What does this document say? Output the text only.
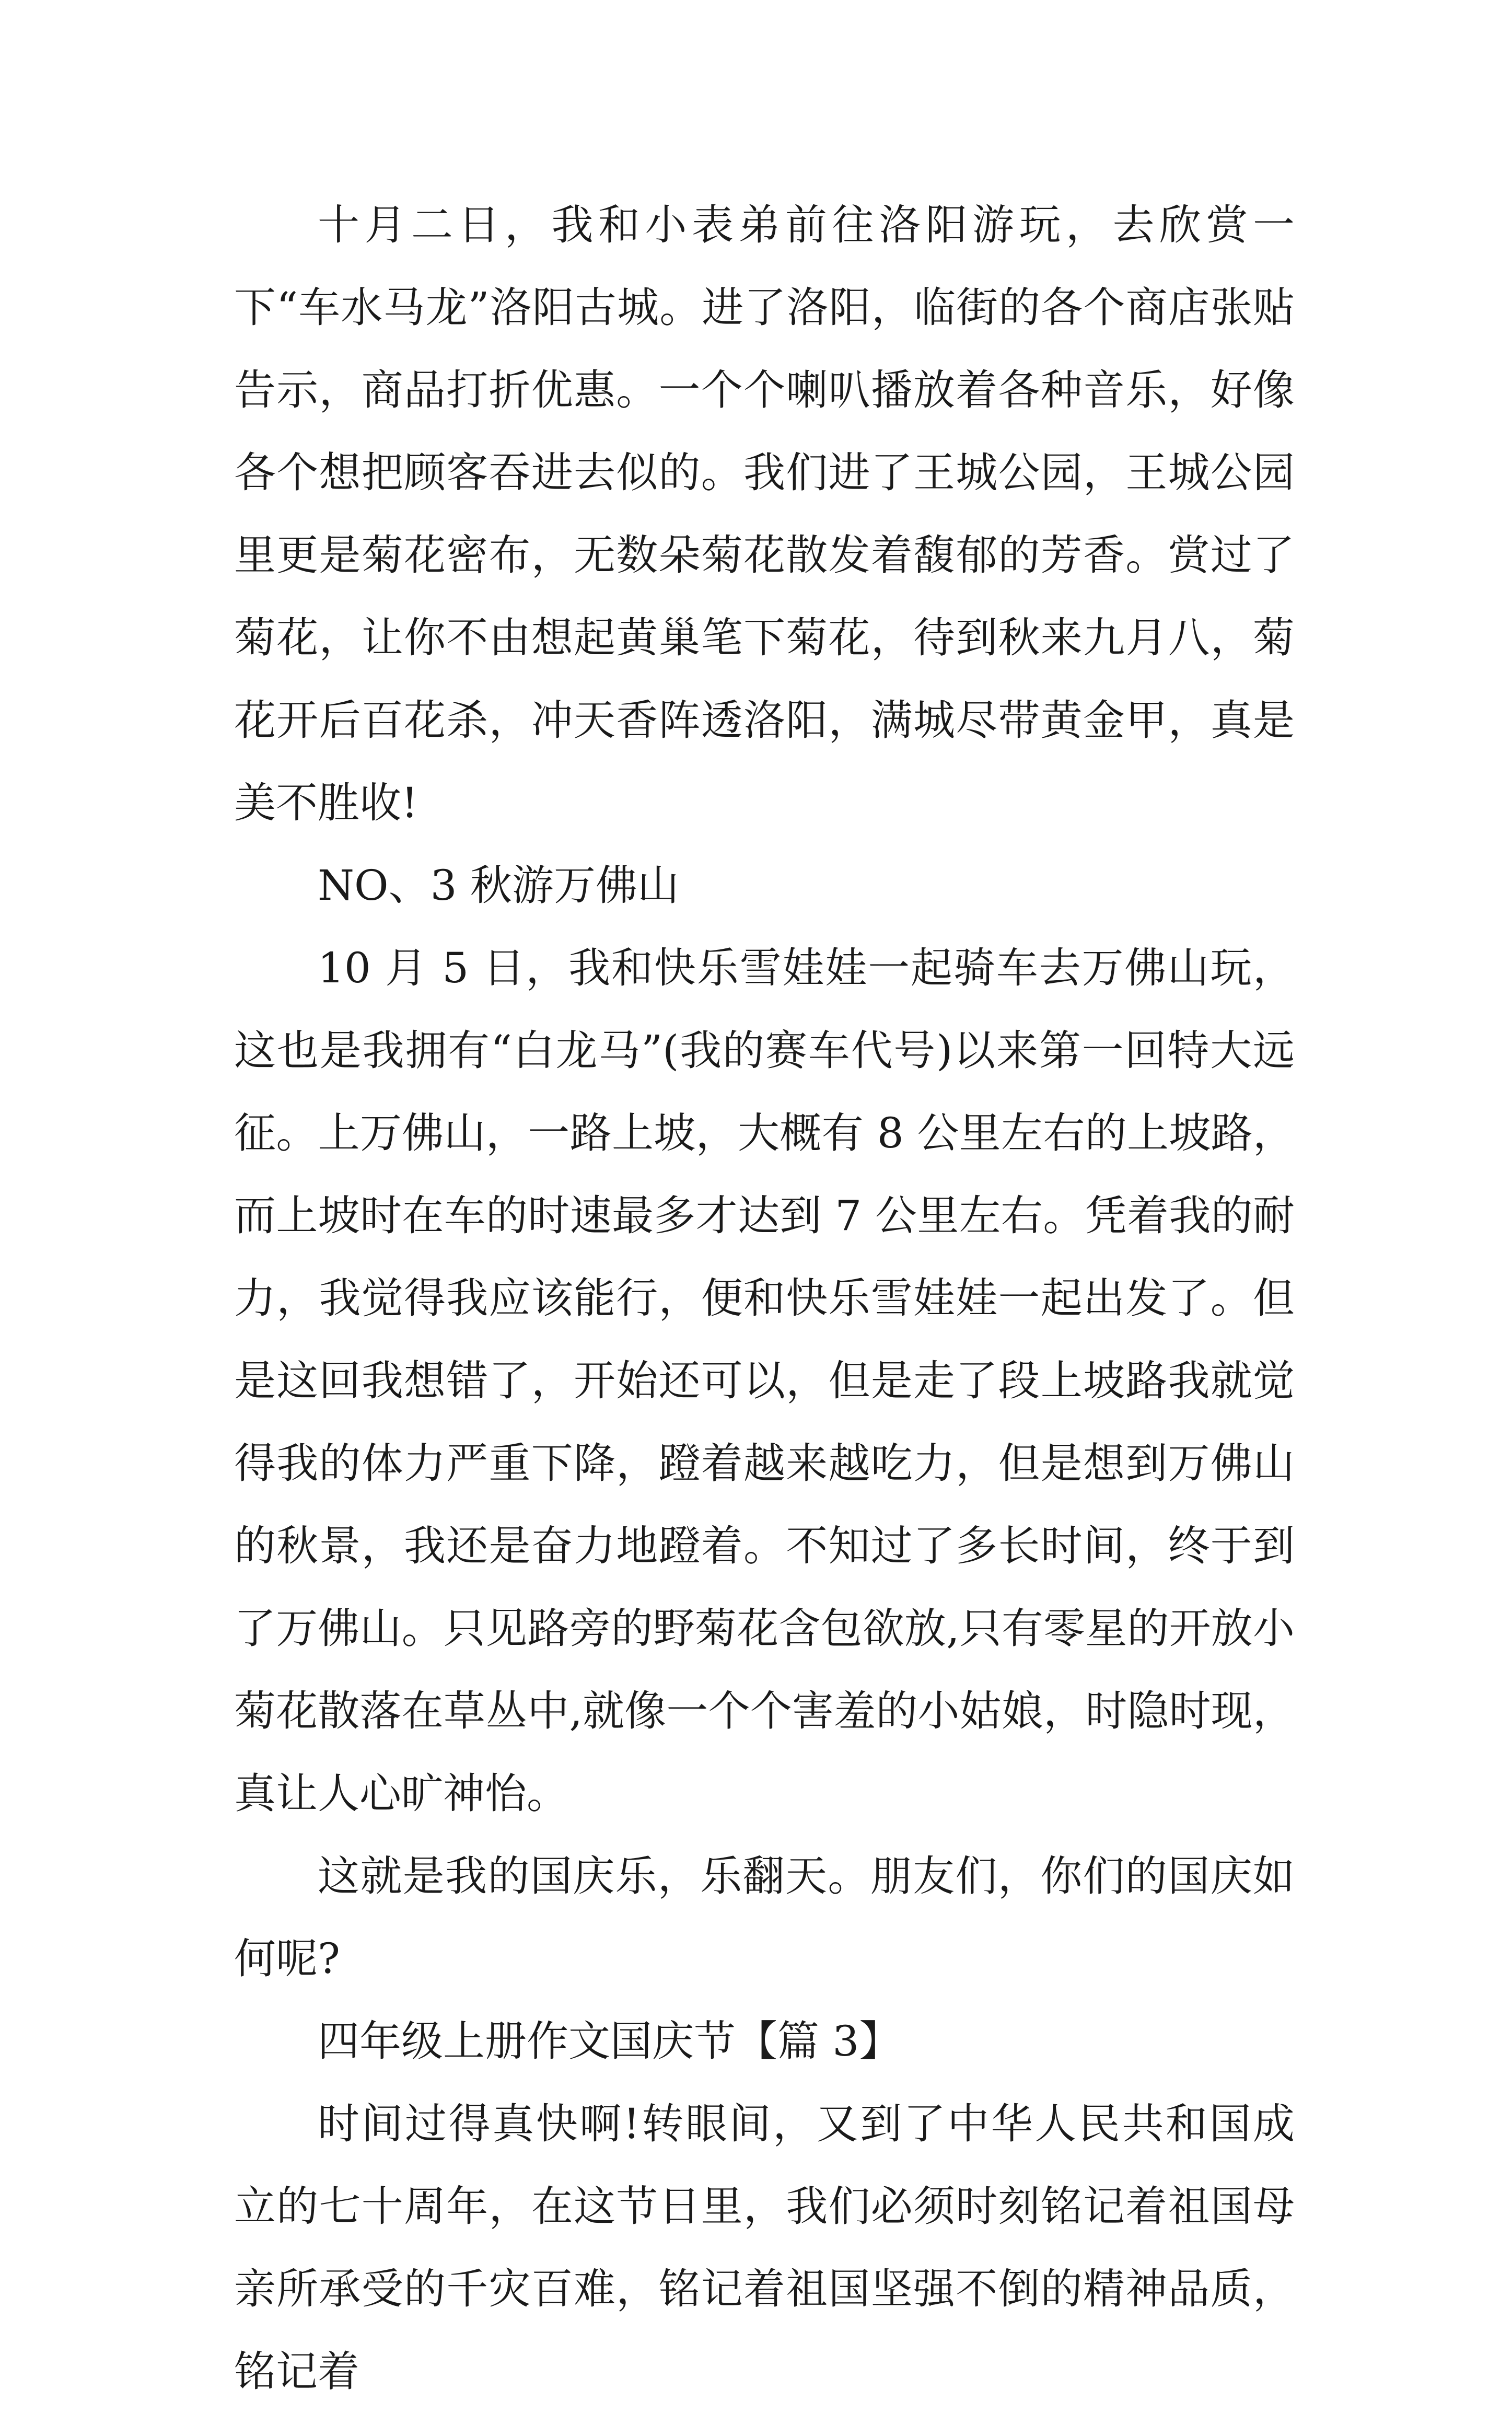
十月二日，我和小表弟前往洛阳游玩，去欣赏一下“车水马龙”洛阳古城。进了洛阳，临街的各个商店张贴告示，商品打折优惠。一个个喇叭播放着各种音乐，好像各个想把顾客吞进去似的。我们进了王城公园，王城公园里更是菊花密布，无数朵菊花散发着馥郁的芳香。赏过了菊花，让你不由想起黄巢笔下菊花，待到秋来九月八，菊花开后百花杀，冲天香阵透洛阳，满城尽带黄金甲，真是美不胜收!

NO、3 秋游万佛山

10 月 5 日，我和快乐雪娃娃一起骑车去万佛山玩，这也是我拥有“白龙马”(我的赛车代号)以来第一回特大远征。上万佛山，一路上坡，大概有 8 公里左右的上坡路，而上坡时在车的时速最多才达到 7 公里左右。凭着我的耐力，我觉得我应该能行，便和快乐雪娃娃一起出发了。但是这回我想错了，开始还可以，但是走了段上坡路我就觉得我的体力严重下降，蹬着越来越吃力，但是想到万佛山的秋景，我还是奋力地蹬着。不知过了多长时间，终于到了万佛山。只见路旁的野菊花含包欲放,只有零星的开放小菊花散落在草丛中,就像一个个害羞的小姑娘，时隐时现，真让人心旷神怡。

这就是我的国庆乐，乐翻天。朋友们，你们的国庆如何呢?

四年级上册作文国庆节【篇 3】

时间过得真快啊!转眼间，又到了中华人民共和国成立的七十周年，在这节日里，我们必须时刻铭记着祖国母亲所承受的千灾百难，铭记着祖国坚强不倒的精神品质，铭记着
